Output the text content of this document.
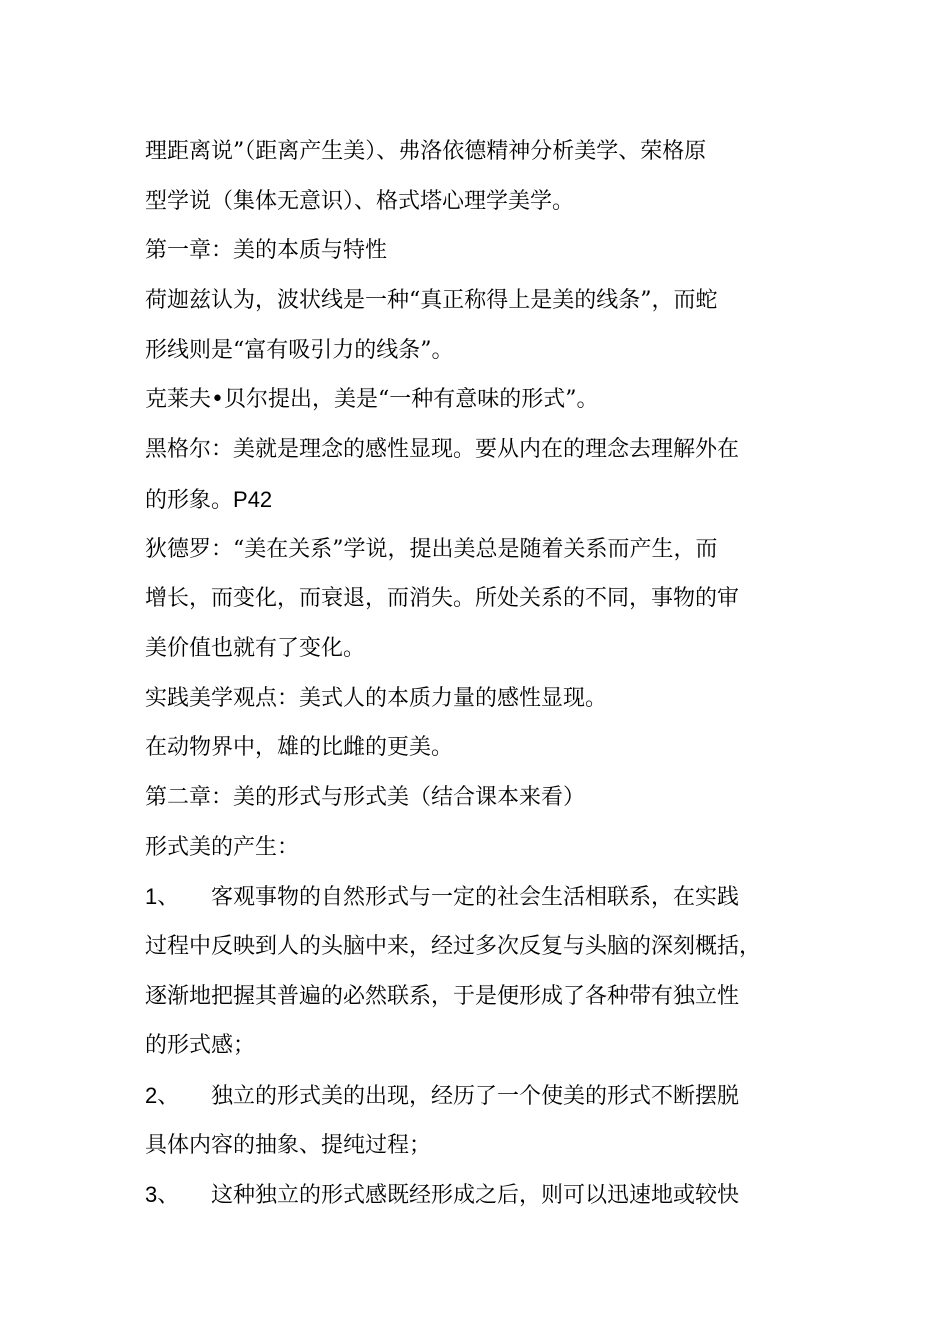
理距离说”（距离产生美）、弗洛依德精神分析美学、荣格原
型学说（集体无意识）、格式塔心理学美学。
第一章：美的本质与特性
荷迦兹认为，波状线是一种“真正称得上是美的线条”，而蛇
形线则是“富有吸引力的线条”。
克莱夫•贝尔提出，美是“一种有意味的形式”。
黑格尔：美就是理念的感性显现。要从内在的理念去理解外在
的形象。P42
狄德罗：“美在关系”学说，提出美总是随着关系而产生，而
增长，而变化，而衰退，而消失。所处关系的不同，事物的审
美价值也就有了变化。
实践美学观点：美式人的本质力量的感性显现。
在动物界中，雄的比雌的更美。
第二章：美的形式与形式美（结合课本来看）
形式美的产生：
1、 客观事物的自然形式与一定的社会生活相联系，在实践
过程中反映到人的头脑中来，经过多次反复与头脑的深刻概括，
逐渐地把握其普遍的必然联系，于是便形成了各种带有独立性
的形式感；
2、 独立的形式美的出现，经历了一个使美的形式不断摆脱
具体内容的抽象、提纯过程；
3、 这种独立的形式感既经形成之后，则可以迅速地或较快
